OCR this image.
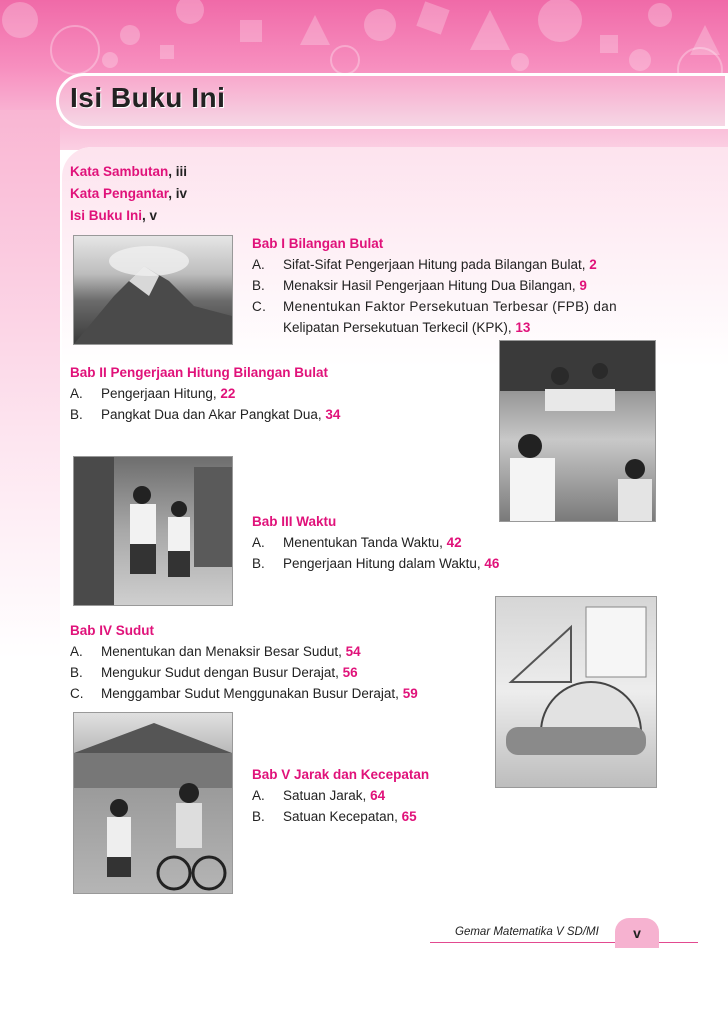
Isi Buku Ini
Kata Sambutan, iii
Kata Pengantar, iv
Isi Buku Ini, v
Bab I Bilangan Bulat
A. Sifat-Sifat Pengerjaan Hitung pada Bilangan Bulat, 2
B. Menaksir Hasil Pengerjaan Hitung Dua Bilangan, 9
C. Menentukan Faktor Persekutuan Terbesar (FPB) dan
Kelipatan Persekutuan Terkecil (KPK), 13
Bab II Pengerjaan Hitung Bilangan Bulat
A. Pengerjaan Hitung, 22
B. Pangkat Dua dan Akar Pangkat Dua, 34
Bab III Waktu
A. Menentukan Tanda Waktu, 42
B. Pengerjaan Hitung dalam Waktu, 46
Bab IV Sudut
A. Menentukan dan Menaksir Besar Sudut, 54
B. Mengukur Sudut dengan Busur Derajat, 56
C. Menggambar Sudut Menggunakan Busur Derajat, 59
Bab V Jarak dan Kecepatan
A. Satuan Jarak, 64
B. Satuan Kecepatan, 65
Gemar Matematika V SD/MI	v
